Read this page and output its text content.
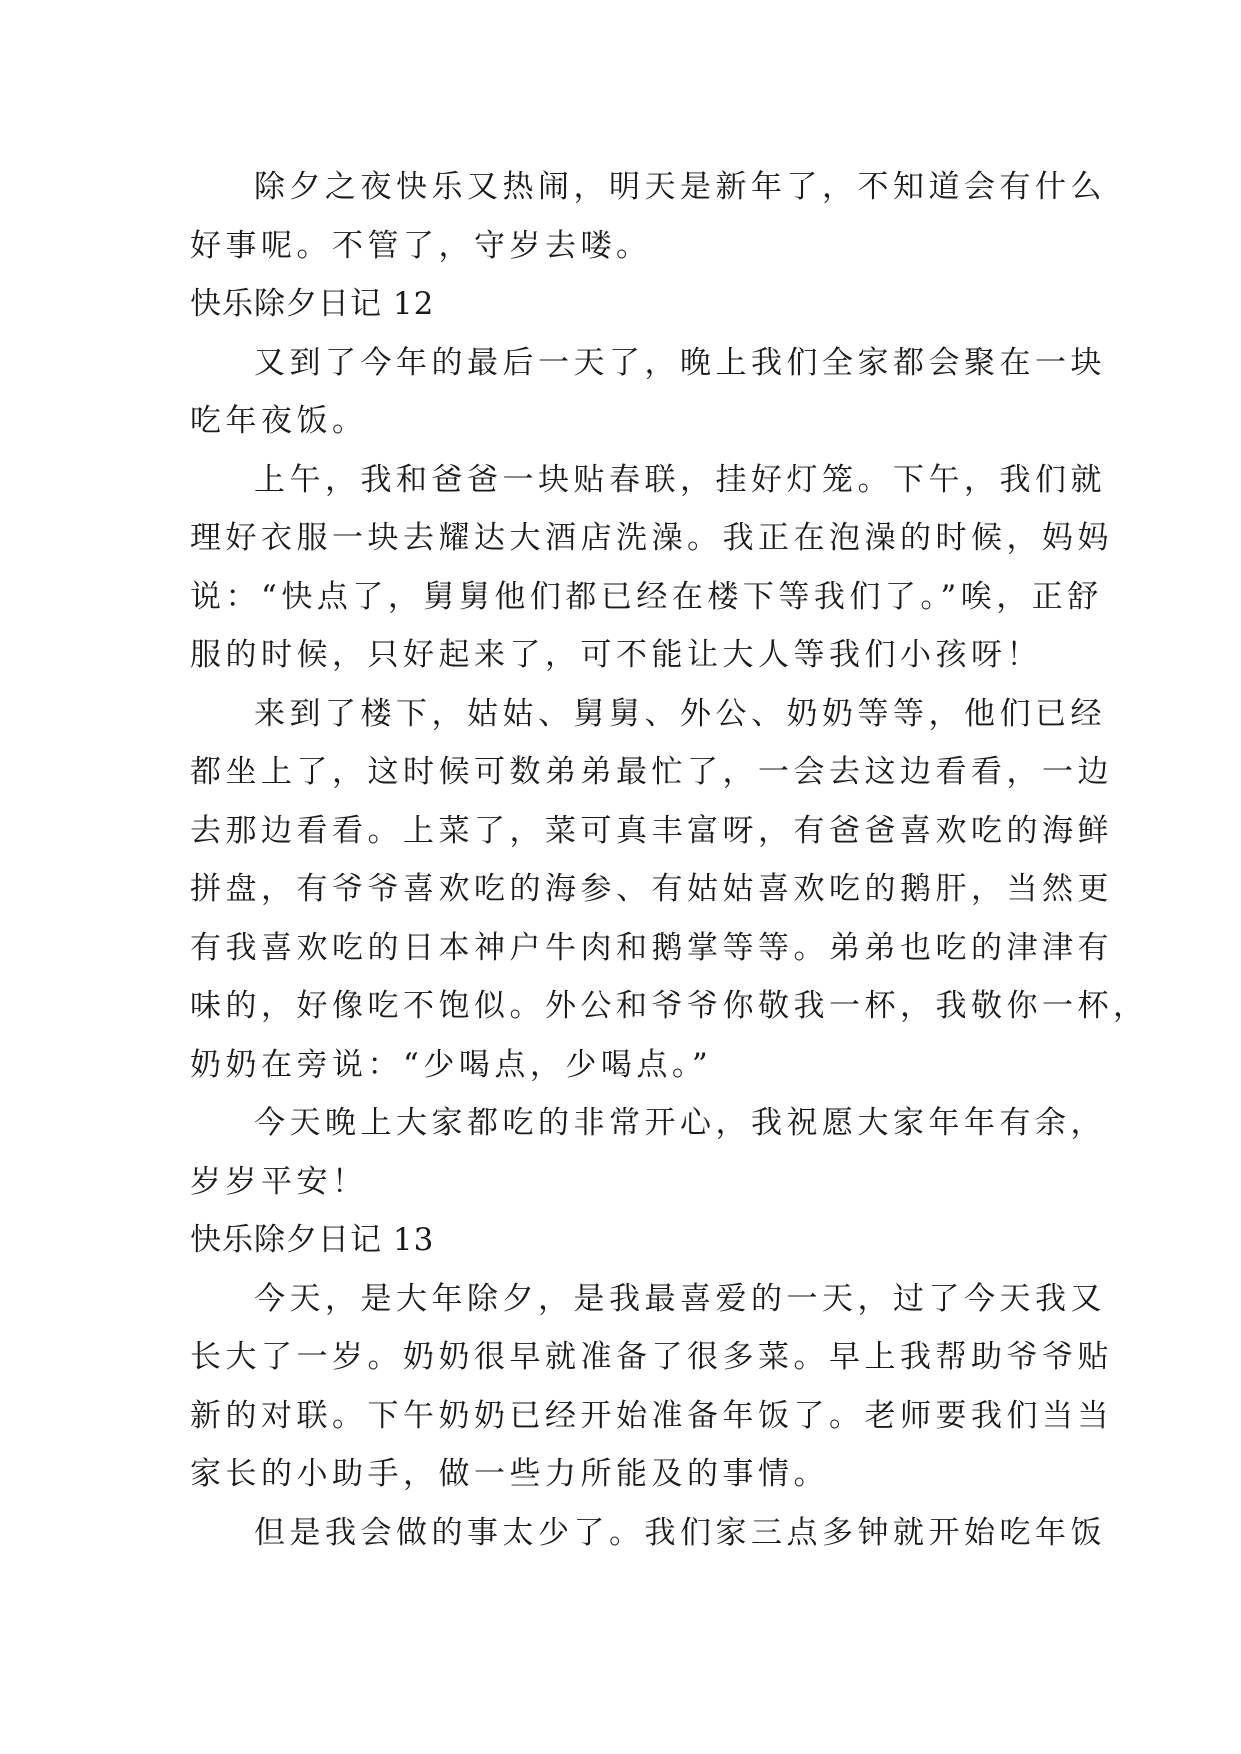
除夕之夜快乐又热闹，明天是新年了，不知道会有什么
好事呢。不管了，守岁去喽。
快乐除夕日记 12
又到了今年的最后一天了，晚上我们全家都会聚在一块
吃年夜饭。
上午，我和爸爸一块贴春联，挂好灯笼。下午，我们就
理好衣服一块去耀达大酒店洗澡。我正在泡澡的时候，妈妈
说：“快点了，舅舅他们都已经在楼下等我们了。”唉，正舒
服的时候，只好起来了，可不能让大人等我们小孩呀！
来到了楼下，姑姑、舅舅、外公、奶奶等等，他们已经
都坐上了，这时候可数弟弟最忙了，一会去这边看看，一边
去那边看看。上菜了，菜可真丰富呀，有爸爸喜欢吃的海鲜
拼盘，有爷爷喜欢吃的海参、有姑姑喜欢吃的鹅肝，当然更
有我喜欢吃的日本神户牛肉和鹅掌等等。弟弟也吃的津津有
味的，好像吃不饱似。外公和爷爷你敬我一杯，我敬你一杯，
奶奶在旁说：“少喝点，少喝点。”
今天晚上大家都吃的非常开心，我祝愿大家年年有余，
岁岁平安！
快乐除夕日记 13
今天，是大年除夕，是我最喜爱的一天，过了今天我又
长大了一岁。奶奶很早就准备了很多菜。早上我帮助爷爷贴
新的对联。下午奶奶已经开始准备年饭了。老师要我们当当
家长的小助手，做一些力所能及的事情。
但是我会做的事太少了。我们家三点多钟就开始吃年饭
